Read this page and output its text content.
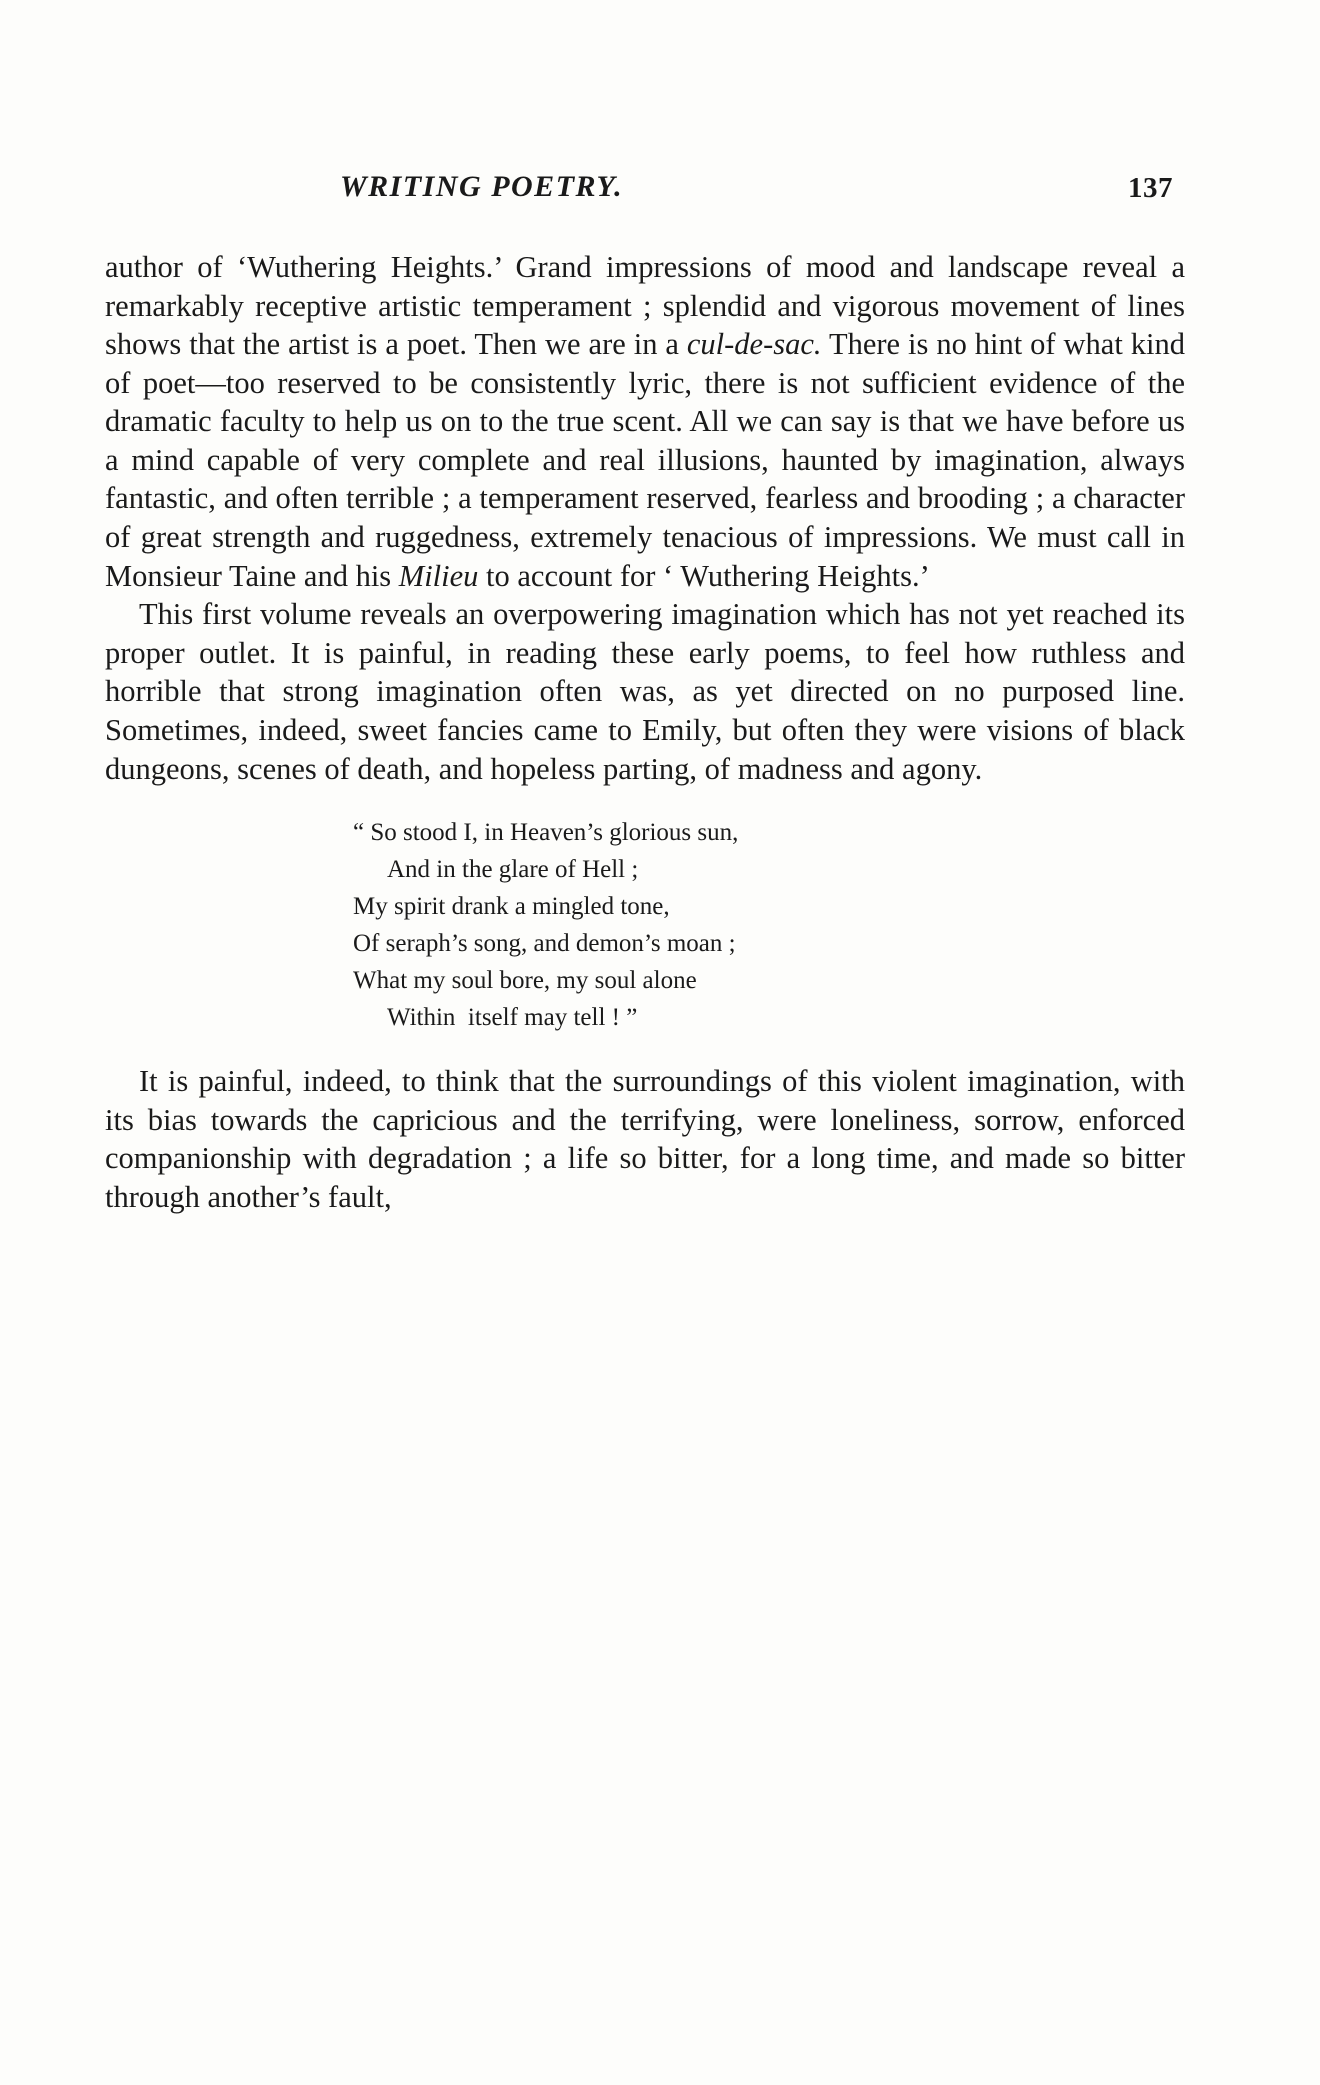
WRITING POETRY.	137

author of ‘Wuthering Heights.’ Grand impressions of mood and landscape reveal a remarkably receptive artistic temperament ; splendid and vigorous movement of lines shows that the artist is a poet. Then we are in a cul-de-sac. There is no hint of what kind of poet—too reserved to be consistently lyric, there is not sufficient evidence of the dramatic faculty to help us on to the true scent. All we can say is that we have before us a mind capable of very complete and real illusions, haunted by imagination, always fantastic, and often terrible ; a temperament reserved, fearless and brooding ; a character of great strength and ruggedness, extremely tenacious of impressions. We must call in Monsieur Taine and his Milieu to account for ‘ Wuthering Heights.’

This first volume reveals an overpowering imagination which has not yet reached its proper outlet. It is painful, in reading these early poems, to feel how ruthless and horrible that strong imagination often was, as yet directed on no purposed line. Sometimes, indeed, sweet fancies came to Emily, but often they were visions of black dungeons, scenes of death, and hopeless parting, of madness and agony.

“ So stood I, in Heaven’s glorious sun,
And in the glare of Hell ;
My spirit drank a mingled tone,
Of seraph’s song, and demon’s moan ;
What my soul bore, my soul alone
Within  itself may tell ! ”

It is painful, indeed, to think that the surroundings of this violent imagination, with its bias towards the capricious and the terrifying, were loneliness, sorrow, enforced companionship with degradation ; a life so bitter, for a long time, and made so bitter through another’s fault,
